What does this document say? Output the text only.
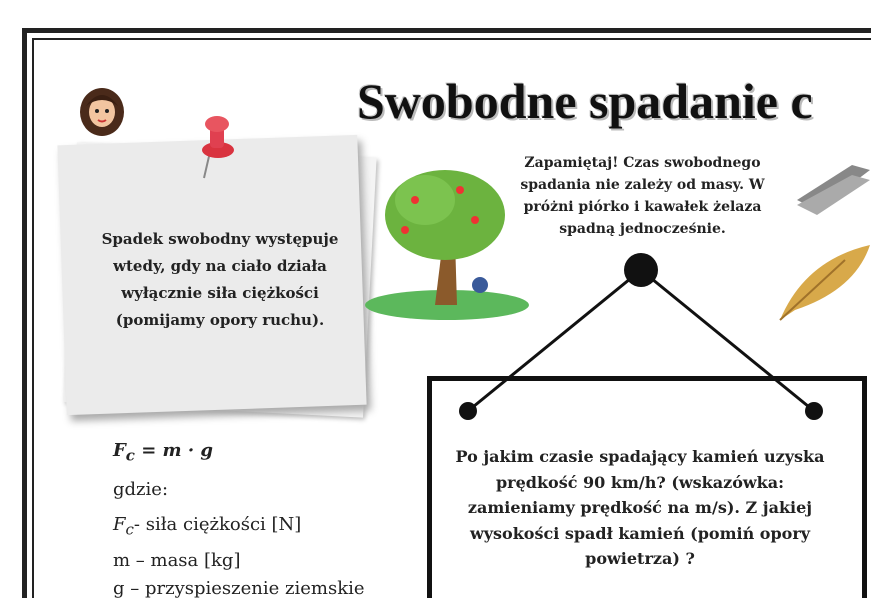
Swobodne spadanie c
Spadek swobodny występuje wtedy, gdy na ciało działa wyłącznie siła ciężkości (pomijamy opory ruchu).
Zapamiętaj! Czas swobodnego spadania nie zależy od masy. W próżni piórko i kawałek żelaza spadną jednocześnie.
Po jakim czasie spadający kamień uzyska prędkość 90 km/h? (wskazówka: zamieniamy prędkość na m/s). Z jakiej wysokości spadł kamień (pomiń opory powietrza) ?
$F_c = m \cdot g$
gdzie:
$F_c-$ siła ciężkości [N]
m – masa [kg]
g – przyspieszenie ziemskie
